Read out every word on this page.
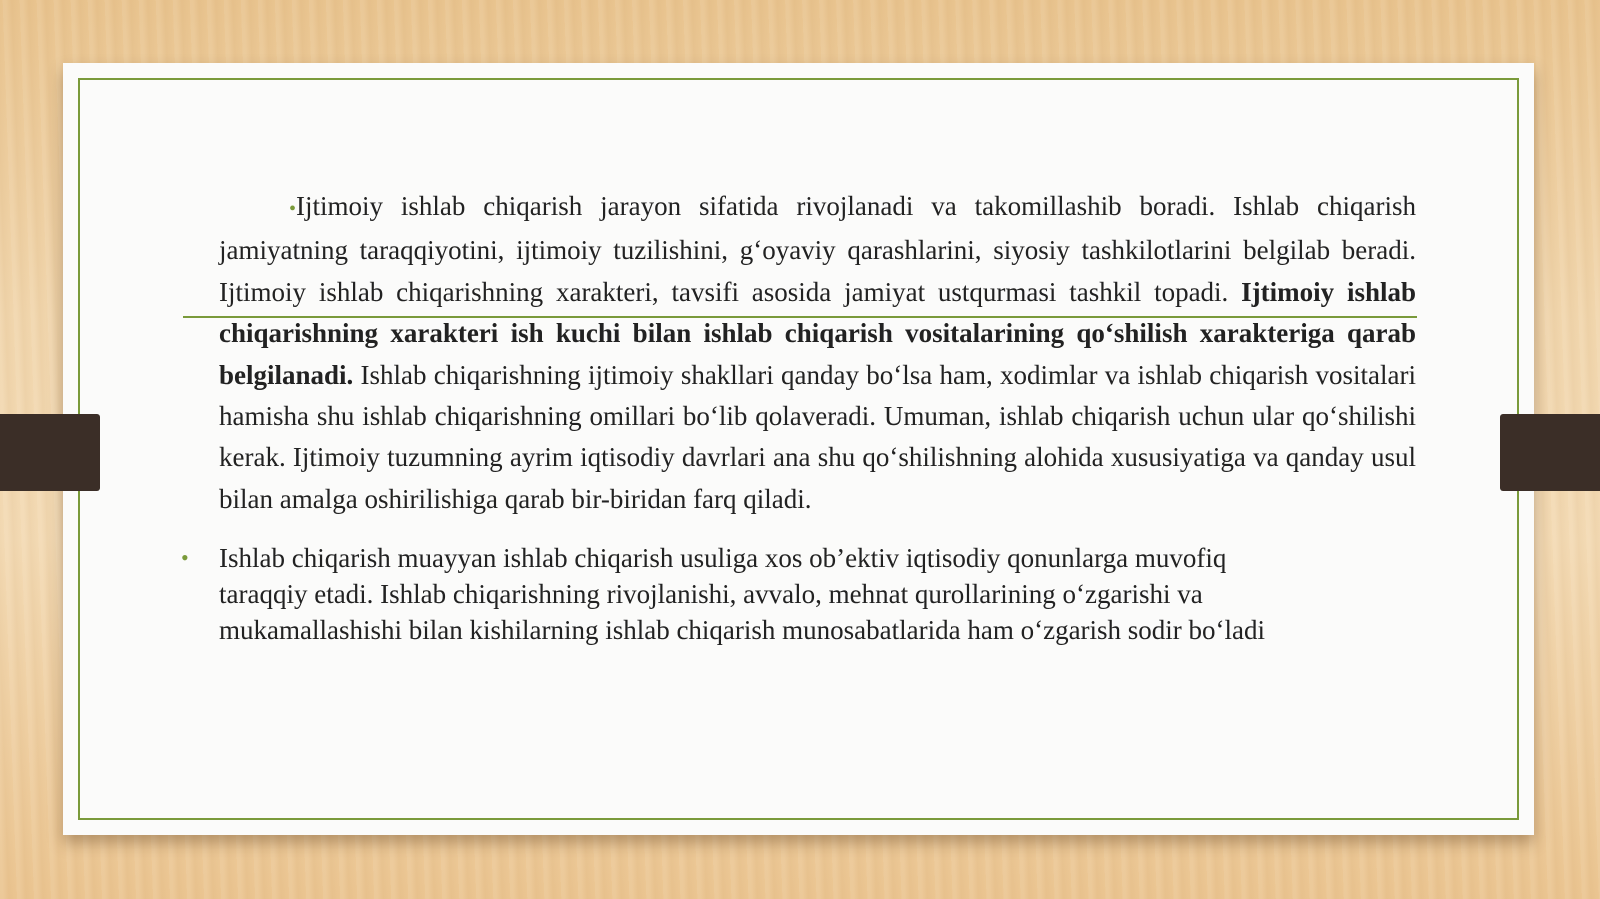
•Ijtimoiy ishlab chiqarish jarayon sifatida rivojlanadi va takomillashib boradi. Ishlab chiqarish jamiyatning taraqqiyotini, ijtimoiy tuzilishini, g‘oyaviy qarashlarini, siyosiy tashkilotlarini belgilab beradi. Ijtimoiy ishlab chiqarishning xarakteri, tavsifi asosida jamiyat ustqurmasi tashkil topadi. Ijtimoiy ishlab chiqarishning xarakteri ish kuchi bilan ishlab chiqarish vositalarining qo‘shilish xarakteriga qarab belgilanadi. Ishlab chiqarishning ijtimoiy shakllari qanday bo‘lsa ham, xodimlar va ishlab chiqarish vositalari hamisha shu ishlab chiqarishning omillari bo‘lib qolaveradi. Umuman, ishlab chiqarish uchun ular qo‘shilishi kerak. Ijtimoiy tuzumning ayrim iqtisodiy davrlari ana shu qo‘shilishning alohida xususiyatiga va qanday usul bilan amalga oshirilishiga qarab bir-biridan farq qiladi.

• Ishlab chiqarish muayyan ishlab chiqarish usuliga xos ob’ektiv iqtisodiy qonunlarga muvofiq
taraqqiy etadi. Ishlab chiqarishning rivojlanishi, avvalo, mehnat qurollarining o‘zgarishi va
mukamallashishi bilan kishilarning ishlab chiqarish munosabatlarida ham o‘zgarish sodir bo‘ladi
